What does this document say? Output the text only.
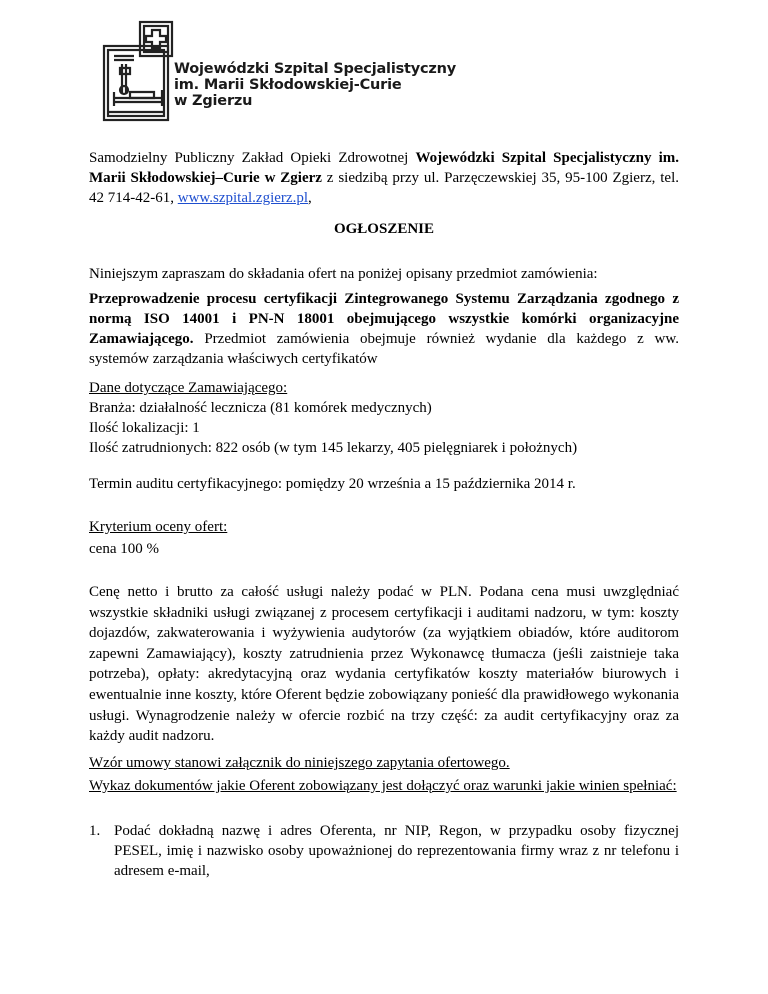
Wojewódzki Szpital Specjalistyczny
im. Marii Skłodowskiej-Curie
w Zgierzu
Samodzielny Publiczny Zakład Opieki Zdrowotnej Wojewódzki Szpital Specjalistyczny im. Marii Skłodowskiej–Curie w Zgierz z siedzibą przy ul. Parzęczewskiej 35, 95-100 Zgierz, tel. 42 714-42-61, www.szpital.zgierz.pl,
OGŁOSZENIE
Niniejszym zapraszam do składania ofert na poniżej opisany przedmiot zamówienia:
Przeprowadzenie procesu certyfikacji Zintegrowanego Systemu Zarządzania zgodnego z normą ISO 14001 i PN-N 18001 obejmującego wszystkie komórki organizacyjne Zamawiającego. Przedmiot zamówienia obejmuje również wydanie dla każdego z ww. systemów zarządzania właściwych certyfikatów
Dane dotyczące Zamawiającego:
Branża: działalność lecznicza (81 komórek medycznych)
Ilość lokalizacji: 1
Ilość zatrudnionych: 822 osób (w tym 145 lekarzy, 405 pielęgniarek i położnych)
Termin auditu certyfikacyjnego: pomiędzy 20 września a 15 października 2014 r.
Kryterium oceny ofert:
cena 100 %
Cenę netto i brutto za całość usługi należy podać w PLN. Podana cena musi uwzględniać wszystkie składniki usługi związanej z procesem certyfikacji i auditami nadzoru, w tym: koszty dojazdów, zakwaterowania i wyżywienia audytorów (za wyjątkiem obiadów, które auditorom zapewni Zamawiający), koszty zatrudnienia przez Wykonawcę tłumacza (jeśli zaistnieje taka potrzeba), opłaty: akredytacyjną oraz wydania certyfikatów koszty materiałów biurowych i ewentualnie inne koszty, które Oferent będzie zobowiązany ponieść dla prawidłowego wykonania usługi. Wynagrodzenie należy w ofercie rozbić na trzy część: za audit certyfikacyjny oraz za każdy audit nadzoru.
Wzór umowy stanowi załącznik do niniejszego zapytania ofertowego.
Wykaz dokumentów jakie Oferent zobowiązany jest dołączyć oraz warunki jakie winien spełniać:
1. Podać dokładną nazwę i adres Oferenta, nr NIP, Regon, w przypadku osoby fizycznej PESEL, imię i nazwisko osoby upoważnionej do reprezentowania firmy wraz z nr telefonu i adresem e-mail,
